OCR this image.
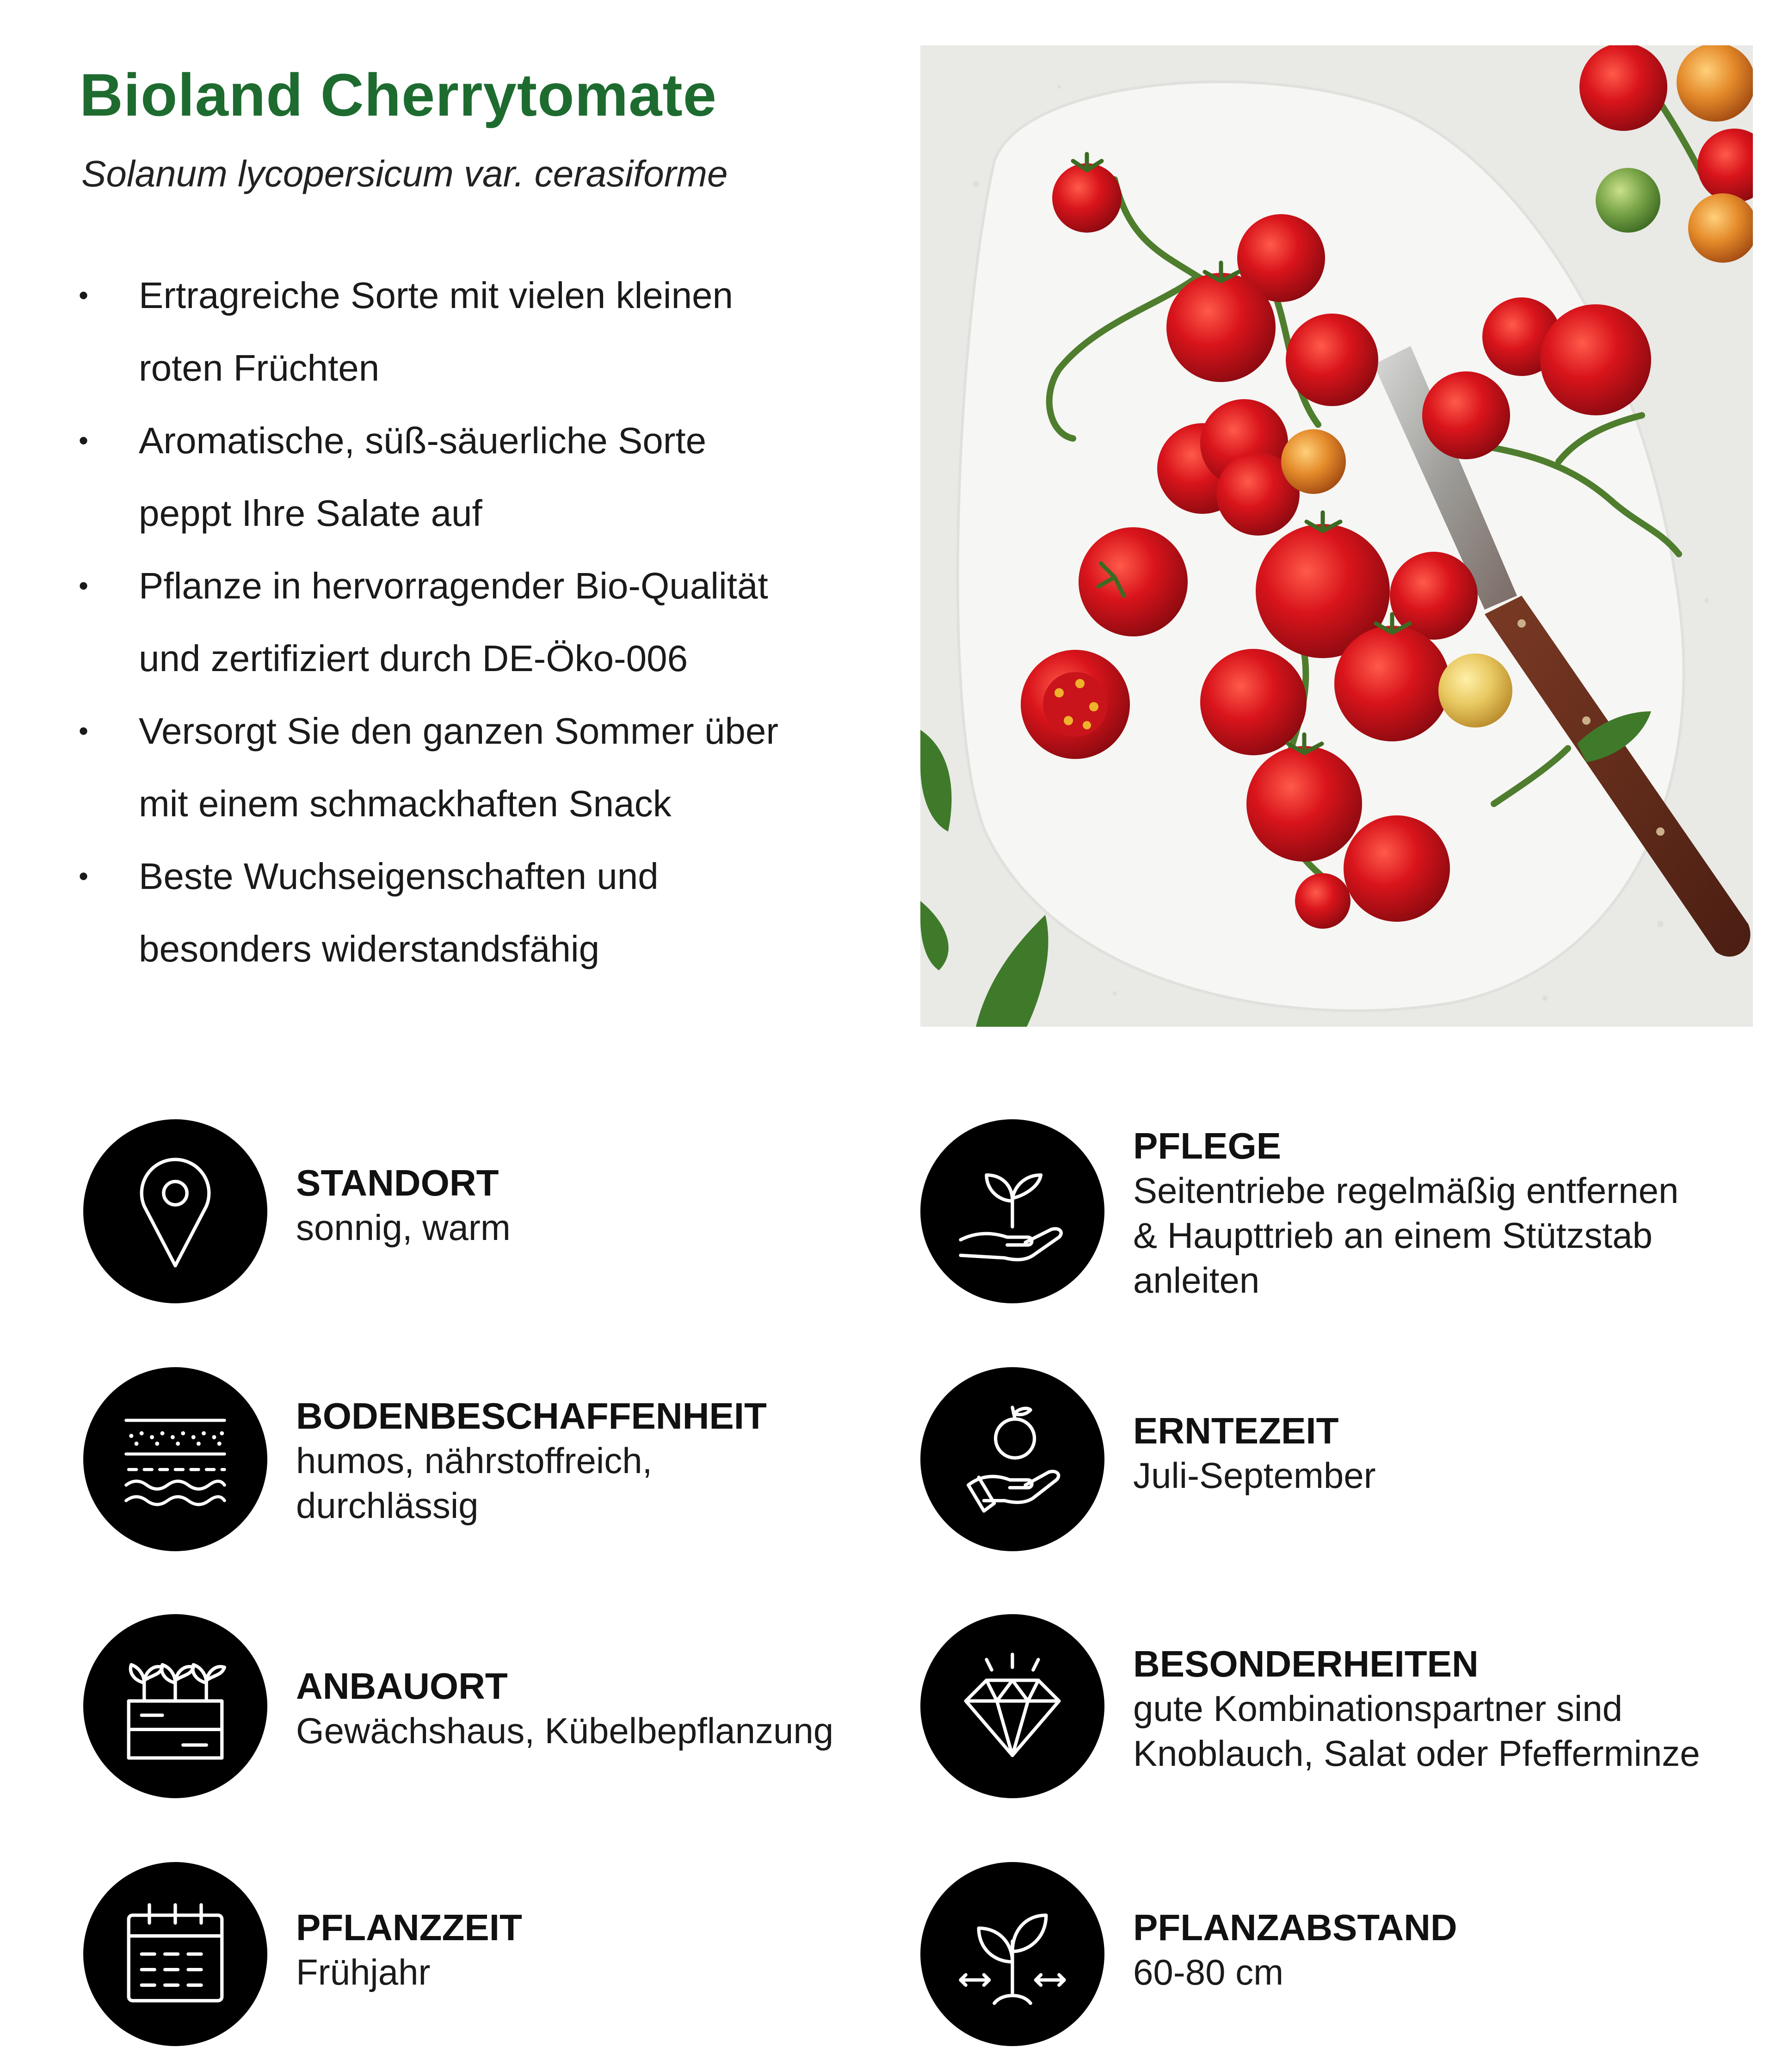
Bioland Cherrytomate

Solanum lycopersicum var. cerasiforme

• Ertragreiche Sorte mit vielen kleinen
roten Früchten
• Aromatische, süß-säuerliche Sorte
peppt Ihre Salate auf
• Pflanze in hervorragender Bio-Qualität
und zertifiziert durch DE-Öko-006
• Versorgt Sie den ganzen Sommer über
mit einem schmackhaften Snack
• Beste Wuchseigenschaften und
besonders widerstandsfähig
STANDORT
sonnig, warm
BODENBESCHAFFENHEIT
humos, nährstoffreich,
durchlässig
ANBAUORT
Gewächshaus, Kübelbepflanzung
PFLANZZEIT
Frühjahr
PFLEGE
Seitentriebe regelmäßig entfernen
& Haupttrieb an einem Stützstab
anleiten
ERNTEZEIT
Juli-September
BESONDERHEITEN
gute Kombinationspartner sind
Knoblauch, Salat oder Pfefferminze
PFLANZABSTAND
60-80 cm
